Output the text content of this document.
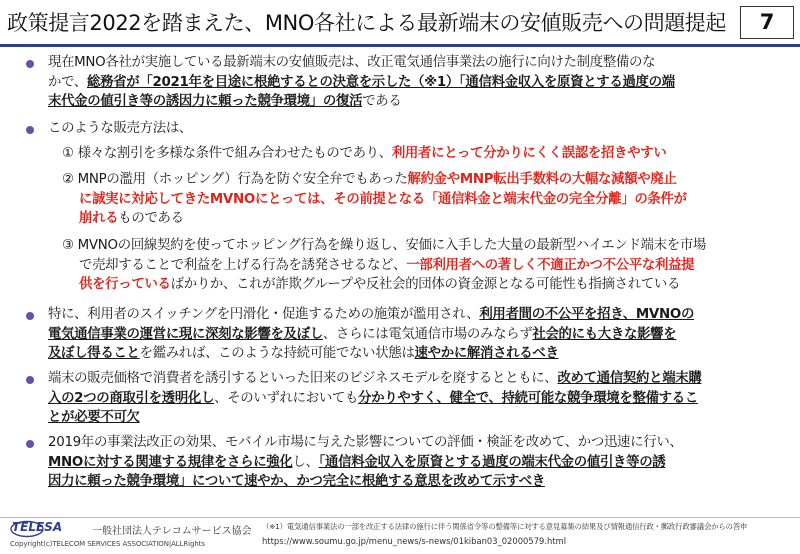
政策提言2022を踏まえた、MNO各社による最新端末の安値販売への問題提起	7
現在MNO各社が実施している最新端末の安値販売は、改正電気通信事業法の施行に向けた制度整備のな
かで、総務省が「2021年を目途に根絶するとの決意を示した（※1）「通信料金収入を原資とする過度の端
末代金の値引き等の誘因力に頼った競争環境」の復活である
このような販売方法は、
① 様々な割引を多様な条件で組み合わせたものであり、利用者にとって分かりにくく誤認を招きやすい
② MNPの濫用（ホッピング）行為を防ぐ安全弁でもあった解約金やMNP転出手数料の大幅な減額や廃止
に誠実に対応してきたMVNOにとっては、その前提となる「通信料金と端末代金の完全分離」の条件が
崩れるものである
③ MVNOの回線契約を使ってホッピング行為を繰り返し、安価に入手した大量の最新型ハイエンド端末を市場
で売却することで利益を上げる行為を誘発させるなど、一部利用者への著しく不適正かつ不公平な利益提
供を行っているばかりか、これが詐欺グループや反社会的団体の資金源となる可能性も指摘されている
特に、利用者のスイッチングを円滑化・促進するための施策が濫用され、利用者間の不公平を招き、MVNOの
電気通信事業の運営に現に深刻な影響を及ぼし、さらには電気通信市場のみならず社会的にも大きな影響を
及ぼし得ることを鑑みれば、このような持続可能でない状態は速やかに解消されるべき
端末の販売価格で消費者を誘引するといった旧来のビジネスモデルを廃するとともに、改めて通信契約と端末購
入の2つの商取引を透明化し、そのいずれにおいても分かりやすく、健全で、持続可能な競争環境を整備するこ
とが必要不可欠
2019年の事業法改正の効果、モバイル市場に与えた影響についての評価・検証を改めて、かつ迅速に行い、
MNOに対する関連する規律をさらに強化し、「通信料金収入を原資とする過度の端末代金の値引き等の誘
因力に頼った競争環境」について速やか、かつ完全に根絶する意思を改めて示すべき
TELESA	一般社団法人テレコムサービス協会
Copyright(c)TELECOM SERVICES ASSOCIATION|ALLRights
（※1）電気通信事業法の一部を改正する法律の施行に伴う関係省令等の整備等に対する意見募集の結果及び情報通信行政・郵政行政審議会からの答申
https://www.soumu.go.jp/menu_news/s-news/01kiban03_02000579.html
